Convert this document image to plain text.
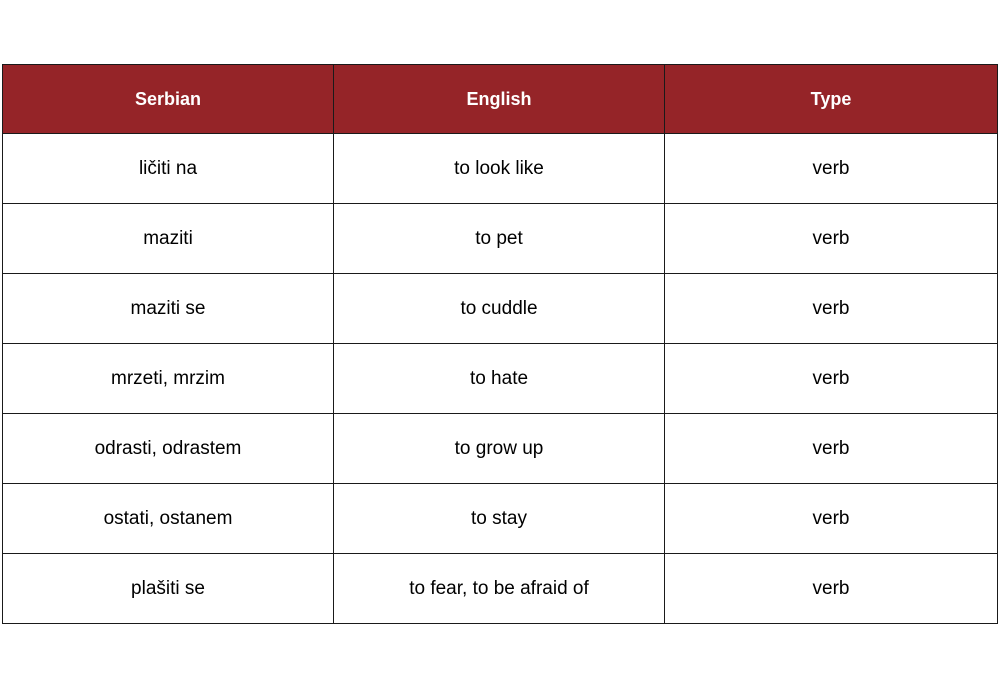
Serbian	English	Type
ličiti na	to look like	verb
maziti	to pet	verb
maziti se	to cuddle	verb
mrzeti, mrzim	to hate	verb
odrasti, odrastem	to grow up	verb
ostati, ostanem	to stay	verb
plašiti se	to fear, to be afraid of	verb
